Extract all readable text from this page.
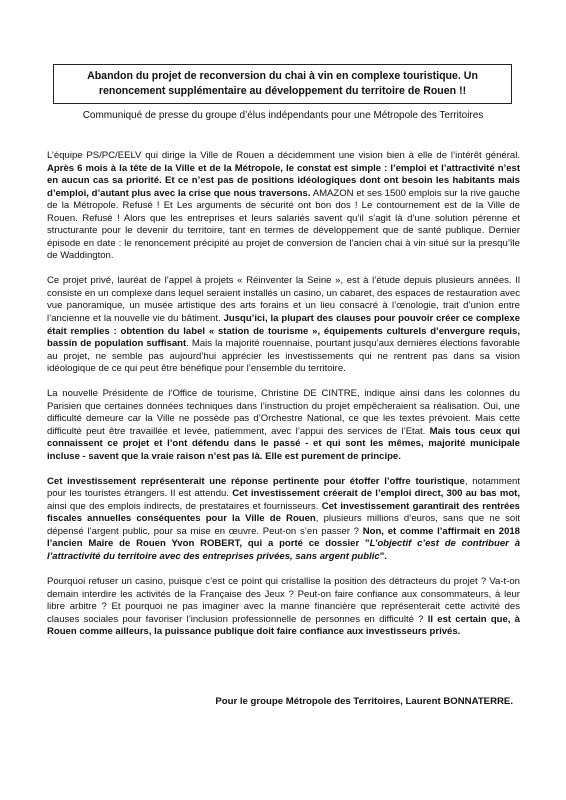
Abandon du projet de reconversion du chai à vin en complexe touristique. Un renoncement supplémentaire au développement du territoire de Rouen !!
Communiqué de presse du groupe d’élus indépendants pour une Métropole des Territoires

L’équipe PS/PC/EELV qui dirige la Ville de Rouen a décidemment une vision bien à elle de l’intérêt général. Après 6 mois à la tête de la Ville et de la Métropole, le constat est simple : l’emploi et l’attractivité n’est en aucun cas sa priorité. Et ce n’est pas de positions idéologiques dont ont besoin les habitants mais d’emploi, d’autant plus avec la crise que nous traversons. AMAZON et ses 1500 emplois sur la rive gauche de la Métropole. Refusé ! Et Les arguments de sécurité ont bon dos ! Le contournement est de la Ville de Rouen. Refusé ! Alors que les entreprises et leurs salariés savent qu’il s’agit là d’une solution pérenne et structurante pour le devenir du territoire, tant en termes de développement que de santé publique. Dernier épisode en date : le renoncement précipité au projet de conversion de l’ancien chai à vin situé sur la presqu’île de Waddington.

Ce projet privé, lauréat de l’appel à projets « Réinventer la Seine », est à l’étude depuis plusieurs années. Il consiste en un complexe dans lequel seraient installés un casino, un cabaret, des espaces de restauration avec vue panoramique, un musée artistique des arts forains et un lieu consacré à l’œnologie, trait d’union entre l’ancienne et la nouvelle vie du bâtiment. Jusqu’ici, la plupart des clauses pour pouvoir créer ce complexe était remplies : obtention du label « station de tourisme », équipements culturels d’envergure requis, bassin de population suffisant. Mais la majorité rouennaise, pourtant jusqu’aux dernières élections favorable au projet, ne semble pas aujourd’hui apprécier les investissements qui ne rentrent pas dans sa vision idéologique de ce qui peut être bénéfique pour l’ensemble du territoire.

La nouvelle Présidente de l’Office de tourisme, Christine DE CINTRE, indique ainsi dans les colonnes du Parisien que certaines données techniques dans l’instruction du projet empêcheraient sa réalisation. Oui, une difficulté demeure car la Ville ne possède pas d’Orchestre National, ce que les textes prévoient. Mais cette difficulté peut être travaillée et levée, patiemment, avec l’appui des services de l’Etat. Mais tous ceux qui connaissent ce projet et l’ont défendu dans le passé - et qui sont les mêmes, majorité municipale incluse - savent que la vraie raison n’est pas là. Elle est purement de principe.

Cet investissement représenterait une réponse pertinente pour étoffer l’offre touristique, notamment pour les touristes étrangers. Il est attendu. Cet investissement créerait de l’emploi direct, 300 au bas mot, ainsi que des emplois indirects, de prestataires et fournisseurs. Cet investissement garantirait des rentrées fiscales annuelles conséquentes pour la Ville de Rouen, plusieurs millions d’euros, sans que ne soit dépensé l’argent public, pour sa mise en œuvre. Peut-on s’en passer ? Non, et comme l’affirmait en 2018 l’ancien Maire de Rouen Yvon ROBERT, qui a porté ce dossier "L’objectif c’est de contribuer à l’attractivité du territoire avec des entreprises privées, sans argent public".

Pourquoi refuser un casino, puisque c’est ce point qui cristallise la position des détracteurs du projet ? Va-t-on demain interdire les activités de la Française des Jeux ? Peut-on faire confiance aux consommateurs, à leur libre arbitre ? Et pourquoi ne pas imaginer avec la manne financière que représenterait cette activité des clauses sociales pour favoriser l’inclusion professionnelle de personnes en difficulté ? Il est certain que, à Rouen comme ailleurs, la puissance publique doit faire confiance aux investisseurs privés.

Pour le groupe Métropole des Territoires, Laurent BONNATERRE.
